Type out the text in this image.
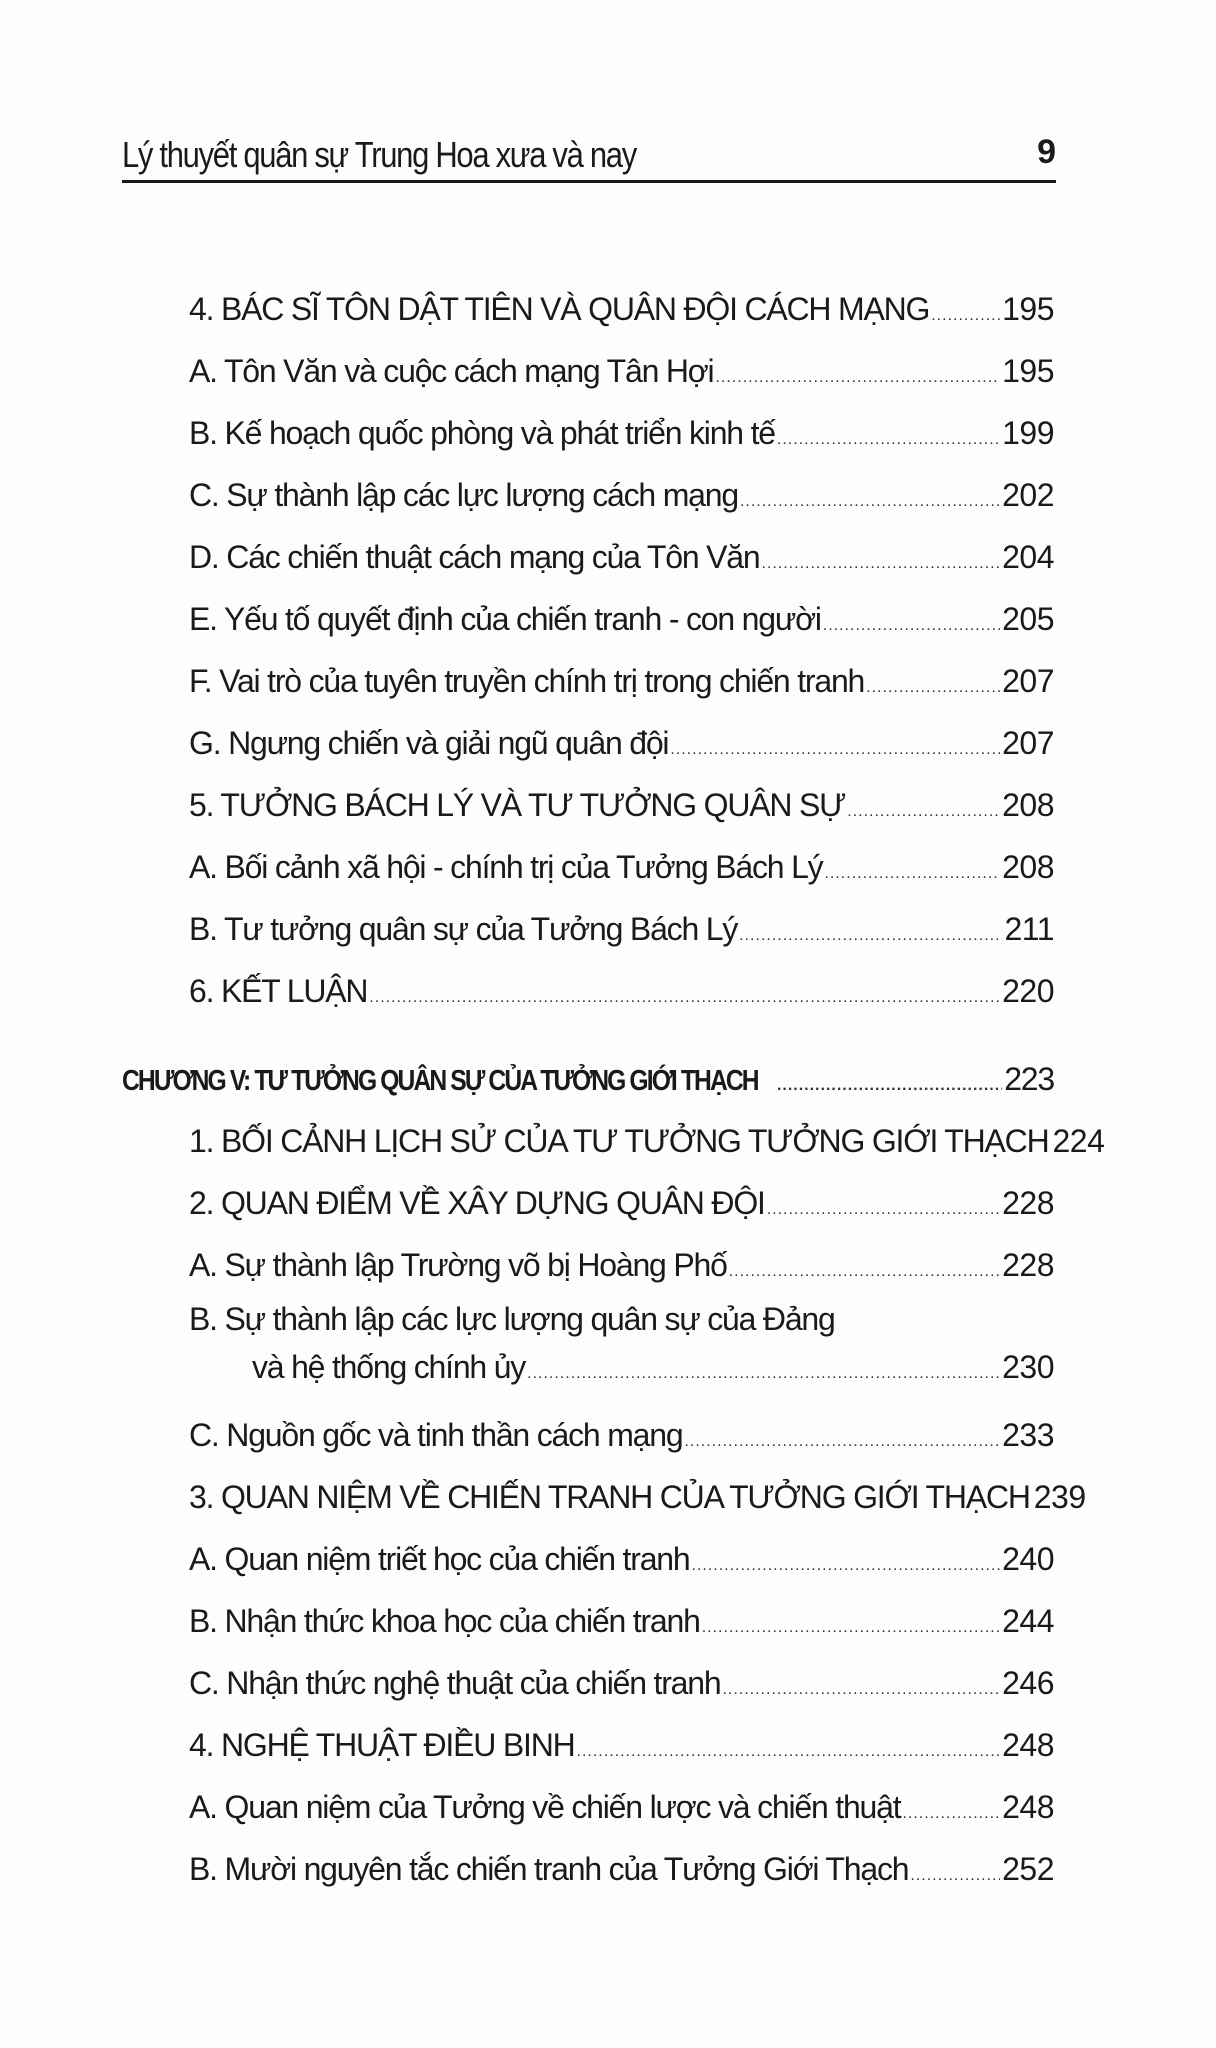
Lý thuyết quân sự Trung Hoa xưa và nay	9
4. BÁC SĨ TÔN DẬT TIÊN VÀ QUÂN ĐỘI CÁCH MẠNG ..... 195
A. Tôn Văn và cuộc cách mạng Tân Hợi .....	195
B. Kế hoạch quốc phòng và phát triển kinh tế .....	199
C. Sự thành lập các lực lượng cách mạng .....	202
D. Các chiến thuật cách mạng của Tôn Văn .....	204
E. Yếu tố quyết định của chiến tranh - con người .....	205
F. Vai trò của tuyên truyền chính trị trong chiến tranh .....	207
G. Ngưng chiến và giải ngũ quân đội .....	207
5. TƯỞNG BÁCH LÝ VÀ TƯ TƯỞNG QUÂN SỰ .....	208
A. Bối cảnh xã hội - chính trị của Tưởng Bách Lý .....	208
B. Tư tưởng quân sự của Tưởng Bách Lý .....	211
6. KẾT LUẬN .....	220
CHƯƠNG V: TƯ TƯỞNG QUÂN SỰ CỦA TƯỞNG GIỚI THẠCH .....	223
1. BỐI CẢNH LỊCH SỬ CỦA TƯ TƯỞNG TƯỞNG GIỚI THẠCH 224
2. QUAN ĐIỂM VỀ XÂY DỰNG QUÂN ĐỘI .....	228
A. Sự thành lập Trường võ bị Hoàng Phố .....	228
B. Sự thành lập các lực lượng quân sự của Đảng
và hệ thống chính ủy .....	230
C. Nguồn gốc và tinh thần cách mạng .....	233
3. QUAN NIỆM VỀ CHIẾN TRANH CỦA TƯỞNG GIỚI THẠCH 239
A. Quan niệm triết học của chiến tranh .....	240
B. Nhận thức khoa học của chiến tranh .....	244
C. Nhận thức nghệ thuật của chiến tranh .....	246
4. NGHỆ THUẬT ĐIỀU BINH .....	248
A. Quan niệm của Tưởng về chiến lược và chiến thuật .....	248
B. Mười nguyên tắc chiến tranh của Tưởng Giới Thạch .....	252
